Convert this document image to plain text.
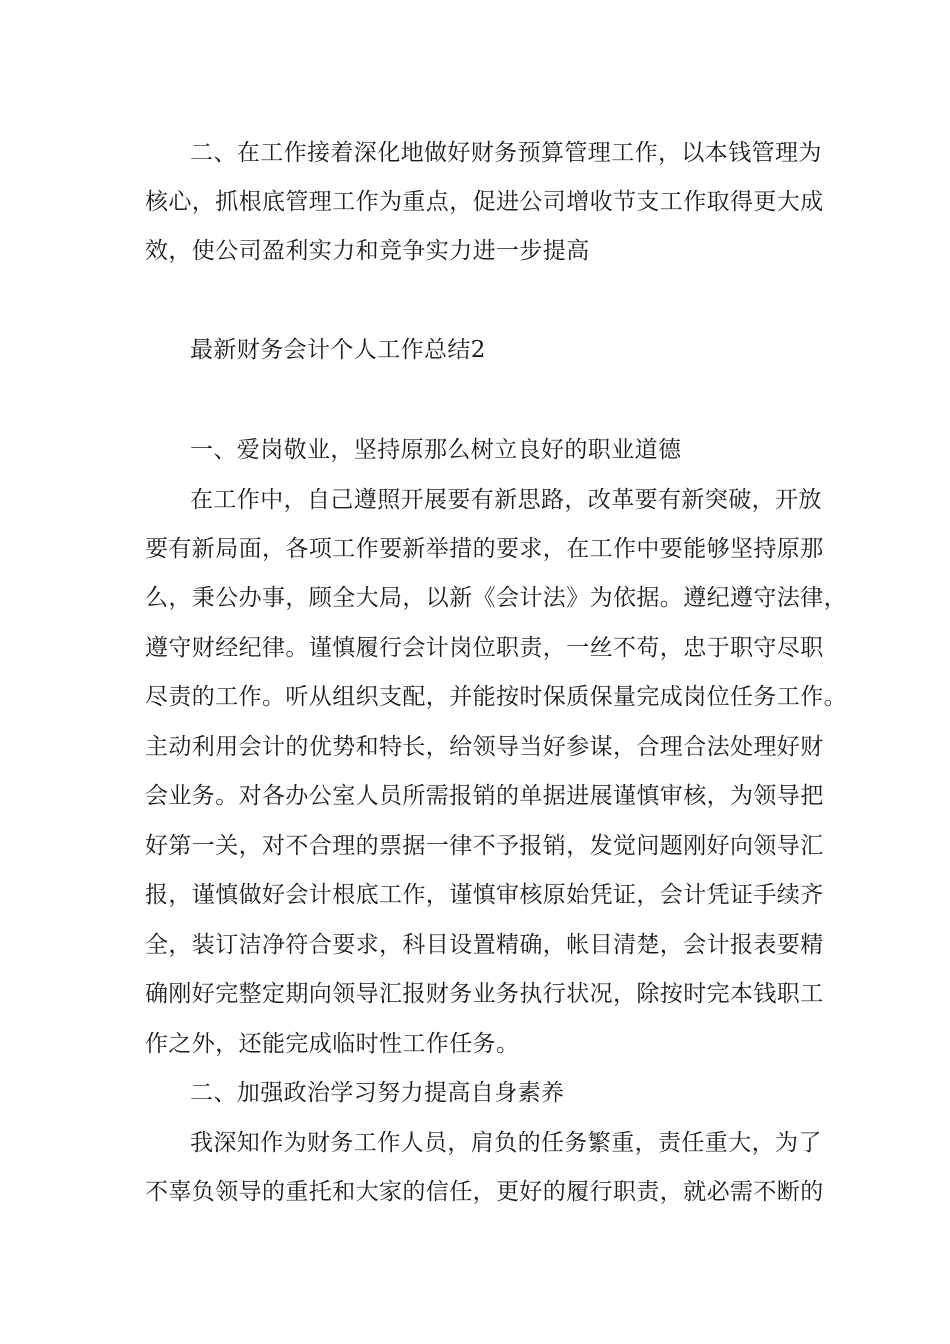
二、在工作接着深化地做好财务预算管理工作，以本钱管理为
核心，抓根底管理工作为重点，促进公司增收节支工作取得更大成
效，使公司盈利实力和竞争实力进一步提高
最新财务会计个人工作总结2
一、爱岗敬业，坚持原那么树立良好的职业道德
在工作中，自己遵照开展要有新思路，改革要有新突破，开放
要有新局面，各项工作要新举措的要求，在工作中要能够坚持原那
么，秉公办事，顾全大局，以新《会计法》为依据。遵纪遵守法律，
遵守财经纪律。谨慎履行会计岗位职责，一丝不苟，忠于职守尽职
尽责的工作。听从组织支配，并能按时保质保量完成岗位任务工作。
主动利用会计的优势和特长，给领导当好参谋，合理合法处理好财
会业务。对各办公室人员所需报销的单据进展谨慎审核，为领导把
好第一关，对不合理的票据一律不予报销，发觉问题刚好向领导汇
报，谨慎做好会计根底工作，谨慎审核原始凭证，会计凭证手续齐
全，装订洁净符合要求，科目设置精确，帐目清楚，会计报表要精
确刚好完整定期向领导汇报财务业务执行状况，除按时完本钱职工
作之外，还能完成临时性工作任务。
二、加强政治学习努力提高自身素养
我深知作为财务工作人员，肩负的任务繁重，责任重大，为了
不辜负领导的重托和大家的信任，更好的履行职责，就必需不断的
